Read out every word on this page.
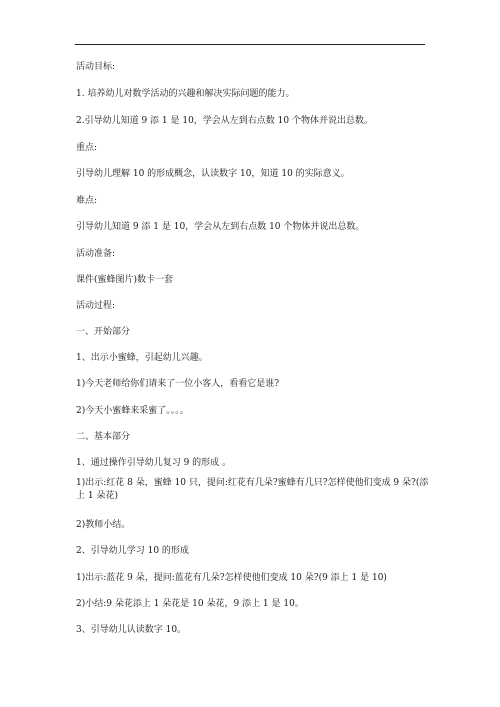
活动目标:
1. 培养幼儿对数学活动的兴趣和解决实际问题的能力。
2.引导幼儿知道 9 添 1 是 10，学会从左到右点数 10 个物体并说出总数。
重点:
引导幼儿理解 10 的形成概念，认读数字 10，知道 10 的实际意义。
难点:
引导幼儿知道 9 添 1 是 10，学会从左到右点数 10 个物体并说出总数。
活动准备:
课件(蜜蜂图片)数卡一套
活动过程:
一、开始部分
1、出示小蜜蜂，引起幼儿兴趣。
1)今天老师给你们请来了一位小客人，看看它是谁?
2)今天小蜜蜂来采蜜了。。。。
二、基本部分
1、通过操作引导幼儿复习 9 的形成 。
1)出示:红花 8 朵，蜜蜂 10 只，提问:红花有几朵?蜜蜂有几只?怎样使他们变成 9 朵?(添上 1 朵花)
2)教师小结。
2、引导幼儿学习 10 的形成
1)出示:蓝花 9 朵，提问:蓝花有几朵?怎样使他们变成 10 朵?(9 添上 1 是 10)
2)小结:9 朵花添上 1 朵花是 10 朵花，9 添上 1 是 10。
3、引导幼儿认读数字 10。
